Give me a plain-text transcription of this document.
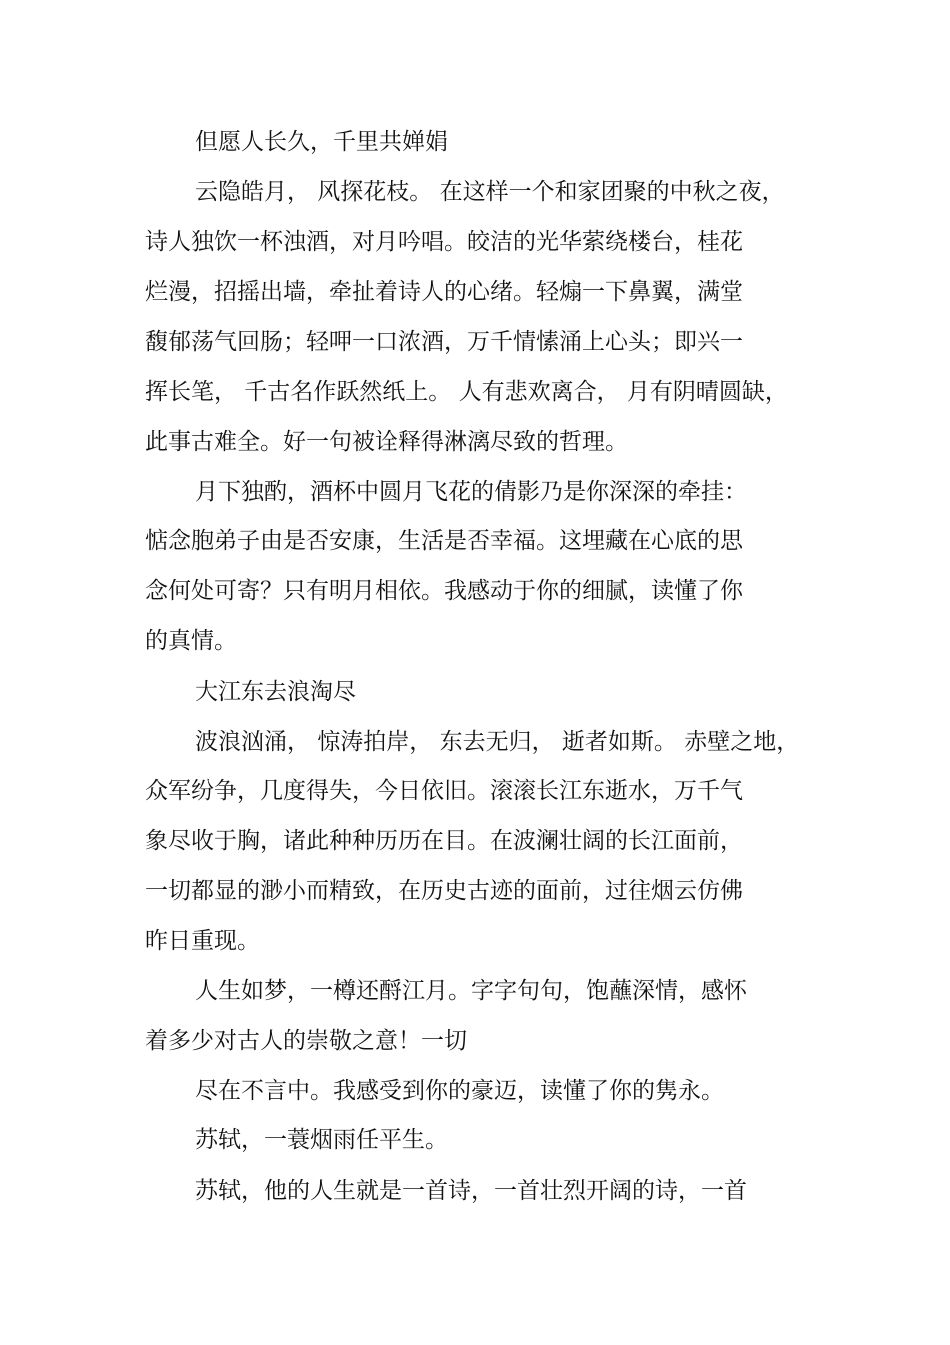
但愿人长久，千里共婵娟

云隐皓月， 风探花枝。 在这样一个和家团聚的中秋之夜，

诗人独饮一杯浊酒，对月吟唱。皎洁的光华萦绕楼台，桂花

烂漫，招摇出墙，牵扯着诗人的心绪。轻煽一下鼻翼，满堂

馥郁荡气回肠；轻呷一口浓酒，万千情愫涌上心头；即兴一

挥长笔， 千古名作跃然纸上。 人有悲欢离合， 月有阴晴圆缺，

此事古难全。好一句被诠释得淋漓尽致的哲理。

月下独酌，酒杯中圆月飞花的倩影乃是你深深的牵挂：

惦念胞弟子由是否安康，生活是否幸福。这埋藏在心底的思

念何处可寄？只有明月相依。我感动于你的细腻，读懂了你

的真情。

大江东去浪淘尽

波浪汹涌， 惊涛拍岸， 东去无归， 逝者如斯。 赤壁之地，

众军纷争，几度得失，今日依旧。滚滚长江东逝水，万千气

象尽收于胸，诸此种种历历在目。在波澜壮阔的长江面前，

一切都显的渺小而精致，在历史古迹的面前，过往烟云仿佛

昨日重现。

人生如梦，一樽还酹江月。字字句句，饱蘸深情，感怀

着多少对古人的崇敬之意！一切

尽在不言中。我感受到你的豪迈，读懂了你的隽永。

苏轼，一蓑烟雨任平生。

苏轼，他的人生就是一首诗，一首壮烈开阔的诗，一首
